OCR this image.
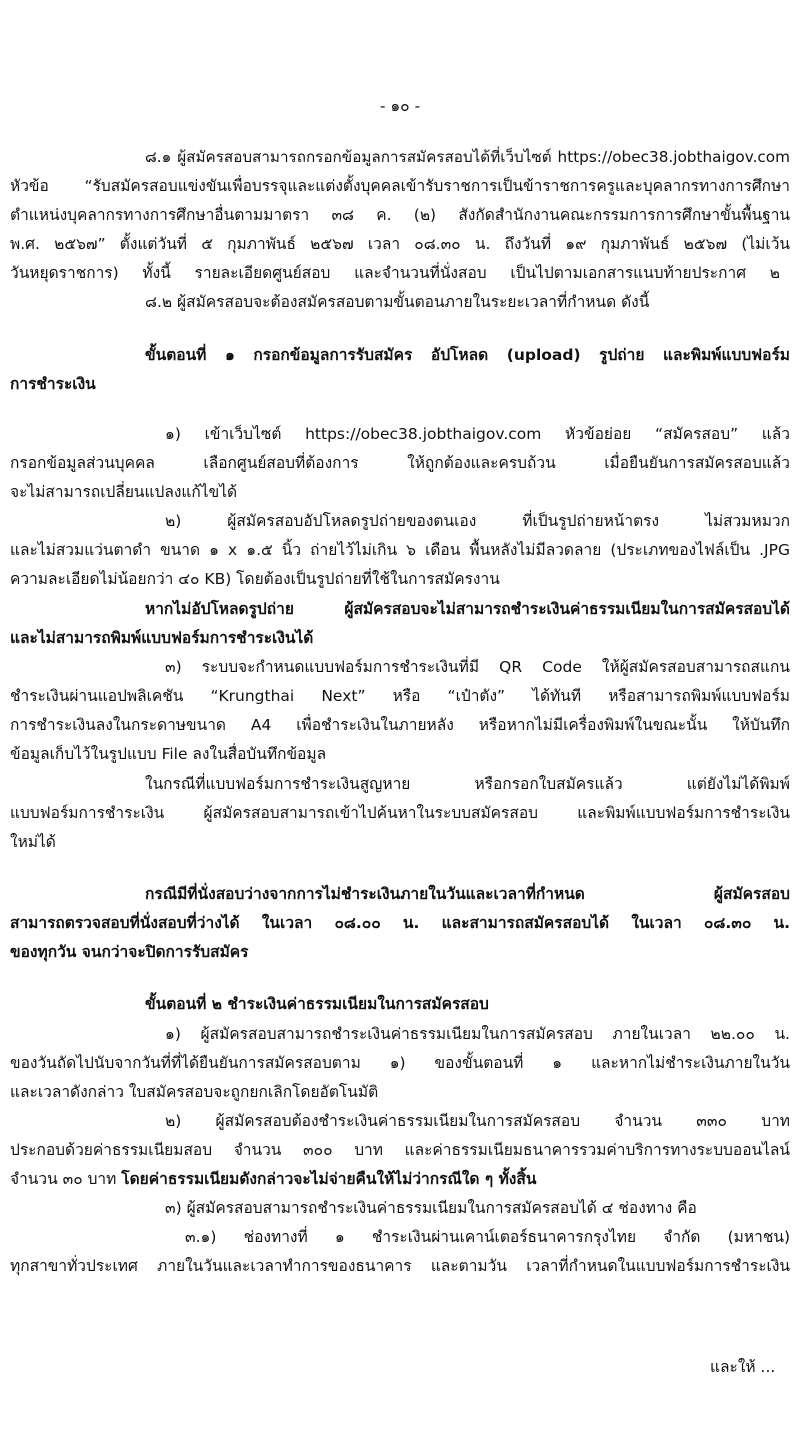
- ๑๐ -
๘.๑ ผู้สมัครสอบสามารถกรอกข้อมูลการสมัครสอบได้ที่เว็บไซต์ https://obec38.jobthaigov.com
หัวข้อ “รับสมัครสอบแข่งขันเพื่อบรรจุและแต่งตั้งบุคคลเข้ารับราชการเป็นข้าราชการครูและบุคลากรทางการศึกษา
ตำแหน่งบุคลากรทางการศึกษาอื่นตามมาตรา ๓๘ ค. (๒) สังกัดสำนักงานคณะกรรมการการศึกษาขั้นพื้นฐาน
พ.ศ. ๒๕๖๗” ตั้งแต่วันที่ ๕ กุมภาพันธ์ ๒๕๖๗ เวลา ๐๘.๓๐ น. ถึงวันที่ ๑๙ กุมภาพันธ์ ๒๕๖๗ (ไม่เว้น
วันหยุดราชการ) ทั้งนี้ รายละเอียดศูนย์สอบ และจำนวนที่นั่งสอบ เป็นไปตามเอกสารแนบท้ายประกาศ ๒
๘.๒ ผู้สมัครสอบจะต้องสมัครสอบตามขั้นตอนภายในระยะเวลาที่กำหนด ดังนี้
ขั้นตอนที่ ๑ กรอกข้อมูลการรับสมัคร อัปโหลด (upload) รูปถ่าย และพิมพ์แบบฟอร์ม
การชำระเงิน
๑) เข้าเว็บไซต์ https://obec38.jobthaigov.com หัวข้อย่อย “สมัครสอบ” แล้ว
กรอกข้อมูลส่วนบุคคล เลือกศูนย์สอบที่ต้องการ ให้ถูกต้องและครบถ้วน เมื่อยืนยันการสมัครสอบแล้ว
จะไม่สามารถเปลี่ยนแปลงแก้ไขได้
๒) ผู้สมัครสอบอัปโหลดรูปถ่ายของตนเอง ที่เป็นรูปถ่ายหน้าตรง ไม่สวมหมวก
และไม่สวมแว่นตาดำ ขนาด ๑ x ๑.๕ นิ้ว ถ่ายไว้ไม่เกิน ๖ เดือน พื้นหลังไม่มีลวดลาย (ประเภทของไฟล์เป็น .JPG
ความละเอียดไม่น้อยกว่า ๔๐ KB) โดยต้องเป็นรูปถ่ายที่ใช้ในการสมัครงาน
หากไม่อัปโหลดรูปถ่าย ผู้สมัครสอบจะไม่สามารถชำระเงินค่าธรรมเนียมในการสมัครสอบได้
และไม่สามารถพิมพ์แบบฟอร์มการชำระเงินได้
๓) ระบบจะกำหนดแบบฟอร์มการชำระเงินที่มี QR Code ให้ผู้สมัครสอบสามารถสแกน
ชำระเงินผ่านแอปพลิเคชัน “Krungthai Next” หรือ “เป๋าตัง” ได้ทันที หรือสามารถพิมพ์แบบฟอร์ม
การชำระเงินลงในกระดาษขนาด A4 เพื่อชำระเงินในภายหลัง หรือหากไม่มีเครื่องพิมพ์ในขณะนั้น ให้บันทึก
ข้อมูลเก็บไว้ในรูปแบบ File ลงในสื่อบันทึกข้อมูล
ในกรณีที่แบบฟอร์มการชำระเงินสูญหาย หรือกรอกใบสมัครแล้ว แต่ยังไม่ได้พิมพ์
แบบฟอร์มการชำระเงิน ผู้สมัครสอบสามารถเข้าไปค้นหาในระบบสมัครสอบ และพิมพ์แบบฟอร์มการชำระเงิน
ใหม่ได้
กรณีมีที่นั่งสอบว่างจากการไม่ชำระเงินภายในวันและเวลาที่กำหนด ผู้สมัครสอบ
สามารถตรวจสอบที่นั่งสอบที่ว่างได้ ในเวลา ๐๘.๐๐ น. และสามารถสมัครสอบได้ ในเวลา ๐๘.๓๐ น.
ของทุกวัน จนกว่าจะปิดการรับสมัคร
ขั้นตอนที่ ๒ ชำระเงินค่าธรรมเนียมในการสมัครสอบ
๑) ผู้สมัครสอบสามารถชำระเงินค่าธรรมเนียมในการสมัครสอบ ภายในเวลา ๒๒.๐๐ น.
ของวันถัดไปนับจากวันที่ที่ได้ยืนยันการสมัครสอบตาม ๑) ของขั้นตอนที่ ๑ และหากไม่ชำระเงินภายในวัน
และเวลาดังกล่าว ใบสมัครสอบจะถูกยกเลิกโดยอัตโนมัติ
๒) ผู้สมัครสอบต้องชำระเงินค่าธรรมเนียมในการสมัครสอบ จำนวน ๓๓๐ บาท
ประกอบด้วยค่าธรรมเนียมสอบ จำนวน ๓๐๐ บาท และค่าธรรมเนียมธนาคารรวมค่าบริการทางระบบออนไลน์
จำนวน ๓๐ บาท โดยค่าธรรมเนียมดังกล่าวจะไม่จ่ายคืนให้ไม่ว่ากรณีใด ๆ ทั้งสิ้น
๓) ผู้สมัครสอบสามารถชำระเงินค่าธรรมเนียมในการสมัครสอบได้ ๔ ช่องทาง คือ
๓.๑) ช่องทางที่ ๑ ชำระเงินผ่านเคาน์เตอร์ธนาคารกรุงไทย จำกัด (มหาชน)
ทุกสาขาทั่วประเทศ ภายในวันและเวลาทำการของธนาคาร และตามวัน เวลาที่กำหนดในแบบฟอร์มการชำระเงิน
และให้ ...
